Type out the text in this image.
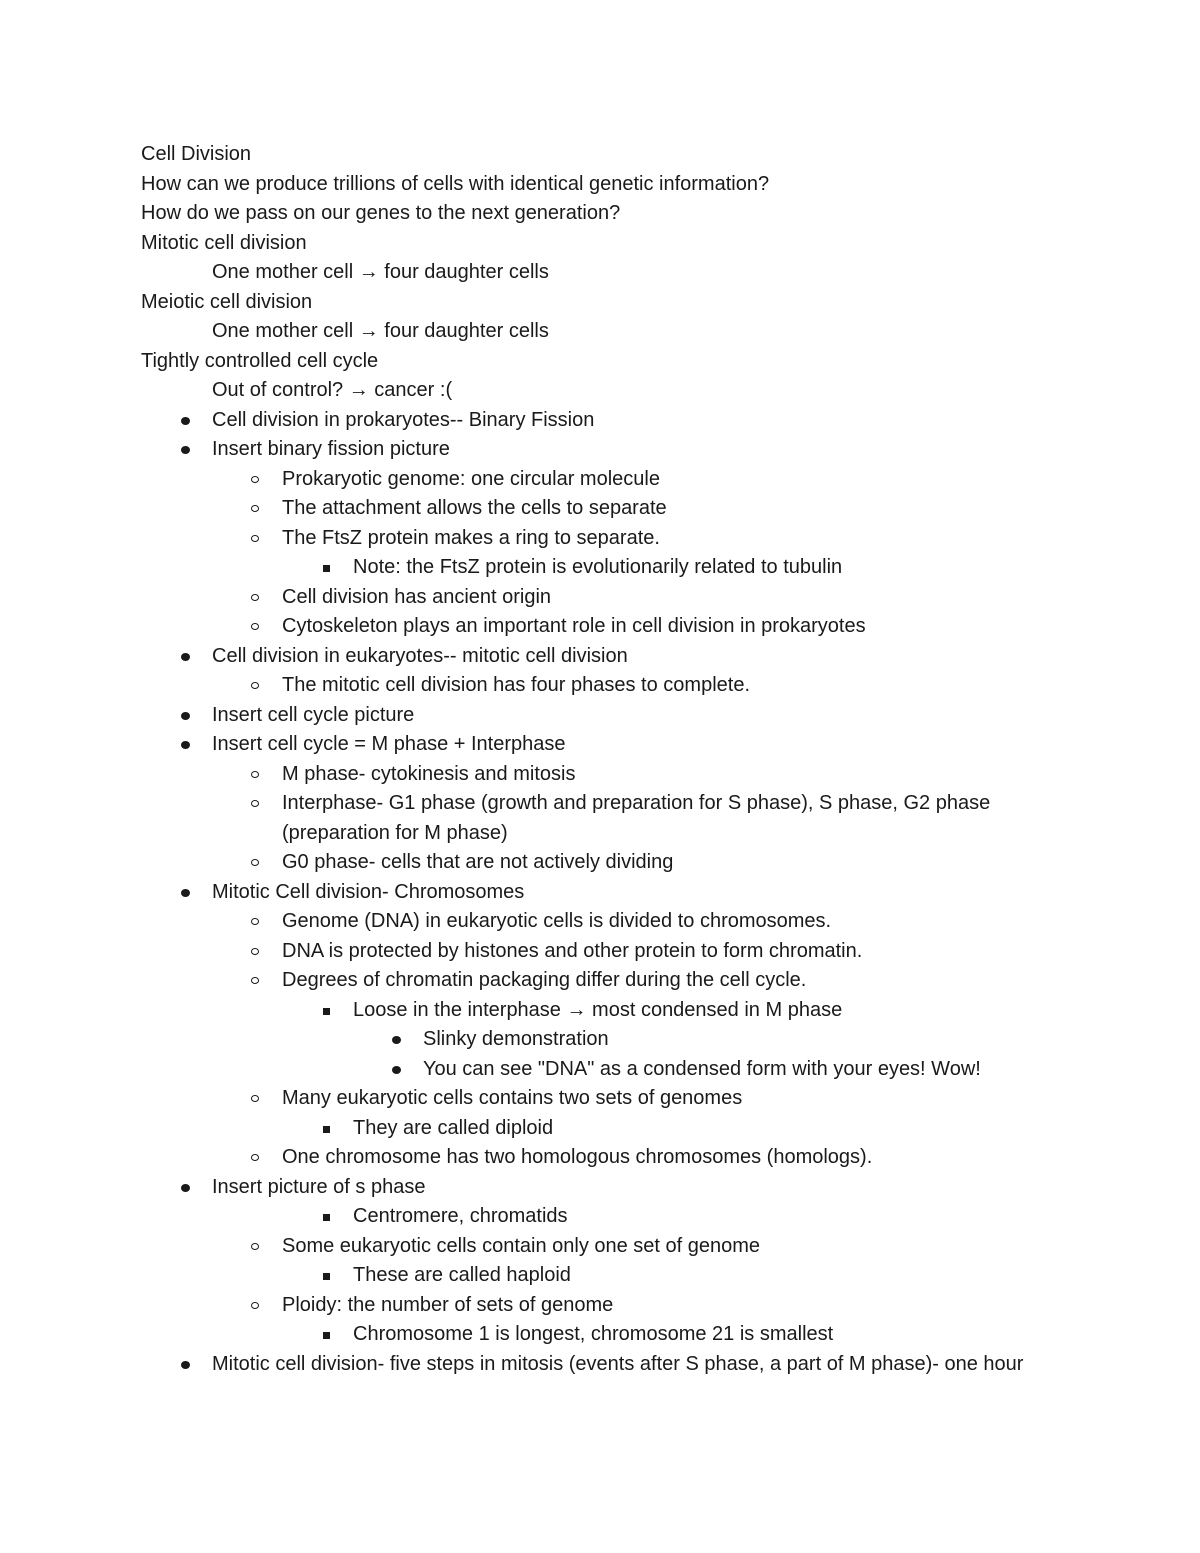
Cell Division
How can we produce trillions of cells with identical genetic information?
How do we pass on our genes to the next generation?
Mitotic cell division
One mother cell → four daughter cells
Meiotic cell division
One mother cell → four daughter cells
Tightly controlled cell cycle
Out of control? → cancer :(
Cell division in prokaryotes-- Binary Fission
Insert binary fission picture
Prokaryotic genome: one circular molecule
The attachment allows the cells to separate
The FtsZ protein makes a ring to separate.
Note: the FtsZ protein is evolutionarily related to tubulin
Cell division has ancient origin
Cytoskeleton plays an important role in cell division in prokaryotes
Cell division in eukaryotes-- mitotic cell division
The mitotic cell division has four phases to complete.
Insert cell cycle picture
Insert cell cycle = M phase + Interphase
M phase- cytokinesis and mitosis
Interphase- G1 phase (growth and preparation for S phase), S phase, G2 phase (preparation for M phase)
G0 phase- cells that are not actively dividing
Mitotic Cell division- Chromosomes
Genome (DNA) in eukaryotic cells is divided to chromosomes.
DNA is protected by histones and other protein to form chromatin.
Degrees of chromatin packaging differ during the cell cycle.
Loose in the interphase → most condensed in M phase
Slinky demonstration
You can see "DNA" as a condensed form with your eyes! Wow!
Many eukaryotic cells contains two sets of genomes
They are called diploid
One chromosome has two homologous chromosomes (homologs).
Insert picture of s phase
Centromere, chromatids
Some eukaryotic cells contain only one set of genome
These are called haploid
Ploidy: the number of sets of genome
Chromosome 1 is longest, chromosome 21 is smallest
Mitotic cell division- five steps in mitosis (events after S phase, a part of M phase)- one hour
